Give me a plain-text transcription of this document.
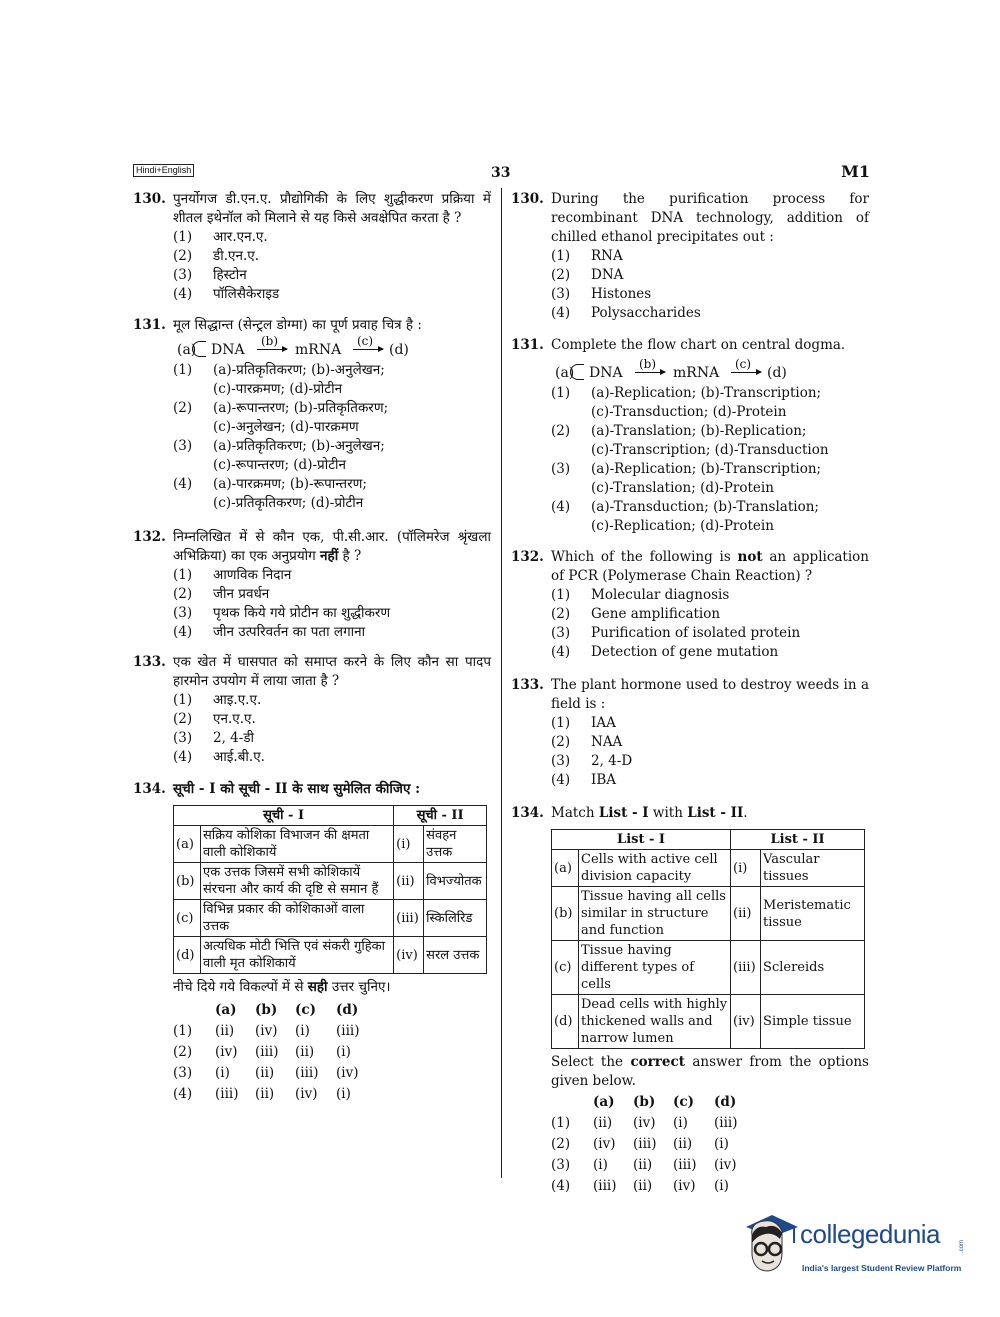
Hindi+English	33	M1
130. पुनर्योगज डी.एन.ए. प्रौद्योगिकी के लिए शुद्धीकरण प्रक्रिया में शीतल इथेनॉल को मिलाने से यह किसे अवक्षेपित करता है ?
(1) आर.एन.ए.
(2) डी.एन.ए.
(3) हिस्टोन
(4) पॉलिसैकेराइड
131. मूल सिद्धान्त (सेन्ट्रल डोग्मा) का पूर्ण प्रवाह चित्र है :
(a) DNA
(b)
mRNA
(c)
(d)
(1) (a)-प्रतिकृतिकरण; (b)-अनुलेखन;
(c)-पारक्रमण; (d)-प्रोटीन
(2) (a)-रूपान्तरण; (b)-प्रतिकृतिकरण;
(c)-अनुलेखन; (d)-पारक्रमण
(3) (a)-प्रतिकृतिकरण; (b)-अनुलेखन;
(c)-रूपान्तरण; (d)-प्रोटीन
(4) (a)-पारक्रमण; (b)-रूपान्तरण;
(c)-प्रतिकृतिकरण; (d)-प्रोटीन
132. निम्नलिखित में से कौन एक, पी.सी.आर. (पॉलिमरेज श्रृंखला अभिक्रिया) का एक अनुप्रयोग नहीं है ?
(1) आणविक निदान
(2) जीन प्रवर्धन
(3) पृथक किये गये प्रोटीन का शुद्धीकरण
(4) जीन उत्परिवर्तन का पता लगाना
133. एक खेत में घासपात को समाप्त करने के लिए कौन सा पादप हारमोन उपयोग में लाया जाता है ?
(1) आइ.ए.ए.
(2) एन.ए.ए.
(3) 2, 4-डी
(4) आई.बी.ए.
134. सूची - I को सूची - II के साथ सुमेलित कीजिए :
सूची - I		सूची - II	
(a)	सक्रिय कोशिका विभाजन की क्षमता वाली कोशिकायें	(i)	संवहन उत्तक
(b)	एक उत्तक जिसमें सभी कोशिकायें संरचना और कार्य की दृष्टि से समान हैं	(ii)	विभज्योतक
(c)	विभिन्न प्रकार की कोशिकाओं वाला उत्तक	(iii)	स्किलिरिड
(d)	अत्यधिक मोटी भित्ति एवं संकरी गुहिका वाली मृत कोशिकायें	(iv)	सरल उत्तक
नीचे दिये गये विकल्पों में से सही उत्तर चुनिए।
(a) (b) (c) (d)
(1) (ii) (iv) (i) (iii)
(2) (iv) (iii) (ii) (i)
(3) (i) (ii) (iii) (iv)
(4) (iii) (ii) (iv) (i)
130. During the purification process for recombinant DNA technology, addition of chilled ethanol precipitates out :
(1) RNA
(2) DNA
(3) Histones
(4) Polysaccharides
131. Complete the flow chart on central dogma.
(a) DNA
(b)
mRNA
(c)
(d)
(1) (a)-Replication; (b)-Transcription;
(c)-Transduction; (d)-Protein
(2) (a)-Translation; (b)-Replication;
(c)-Transcription; (d)-Transduction
(3) (a)-Replication; (b)-Transcription;
(c)-Translation; (d)-Protein
(4) (a)-Transduction; (b)-Translation;
(c)-Replication; (d)-Protein
132. Which of the following is not an application of PCR (Polymerase Chain Reaction) ?
(1) Molecular diagnosis
(2) Gene amplification
(3) Purification of isolated protein
(4) Detection of gene mutation
133. The plant hormone used to destroy weeds in a field is :
(1) IAA
(2) NAA
(3) 2, 4-D
(4) IBA
134. Match List - I with List - II.
List - I		List - II	
(a)	Cells with active cell division capacity	(i)	Vascular tissues
(b)	Tissue having all cells similar in structure and function	(ii)	Meristematic tissue
(c)	Tissue having different types of cells	(iii)	Sclereids
(d)	Dead cells with highly thickened walls and narrow lumen	(iv)	Simple tissue
Select the correct answer from the options given below.
(a) (b) (c) (d)
(1) (ii) (iv) (i) (iii)
(2) (iv) (iii) (ii) (i)
(3) (i) (ii) (iii) (iv)
(4) (iii) (ii) (iv) (i)
collegedunia	.com
India's largest Student Review Platform
